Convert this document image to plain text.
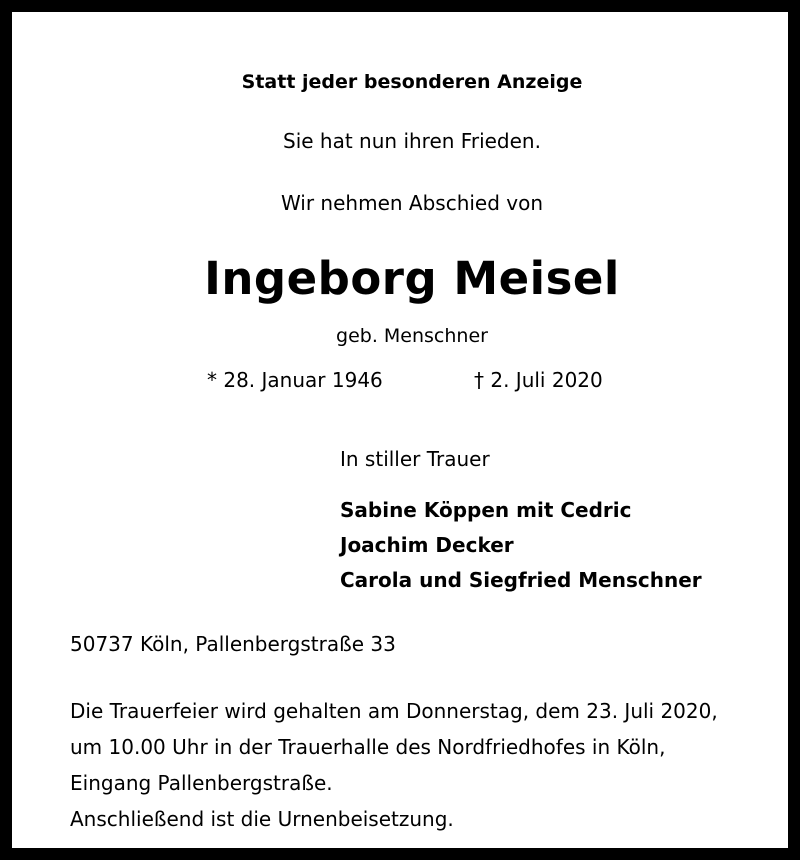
Statt jeder besonderen Anzeige
Sie hat nun ihren Frieden.
Wir nehmen Abschied von
Ingeborg Meisel
geb. Menschner
* 28. Januar 1946	† 2. Juli 2020
In stiller Trauer
Sabine Köppen mit Cedric
Joachim Decker
Carola und Siegfried Menschner
50737 Köln, Pallenbergstraße 33
Die Trauerfeier wird gehalten am Donnerstag, dem 23. Juli 2020,
um 10.00 Uhr in der Trauerhalle des Nordfriedhofes in Köln,
Eingang Pallenbergstraße.
Anschließend ist die Urnenbeisetzung.
